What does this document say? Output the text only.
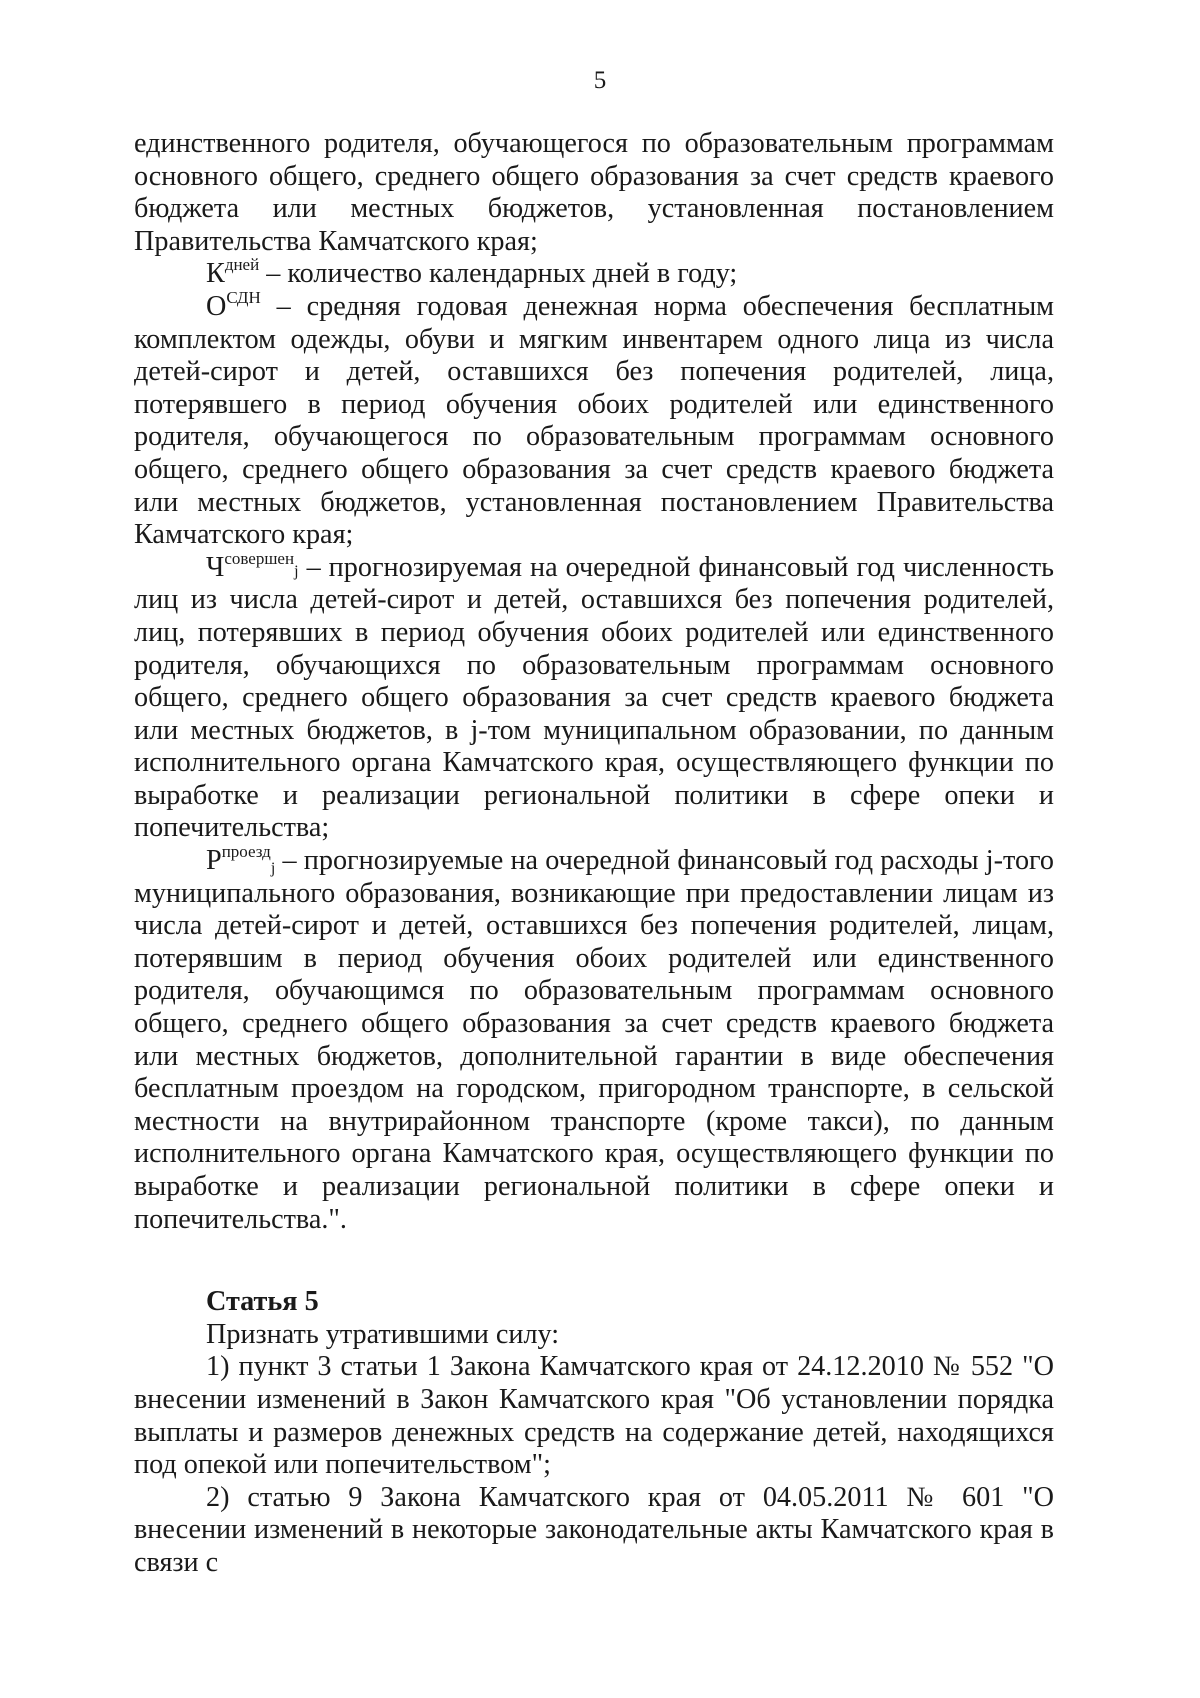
5

единственного родителя, обучающегося по образовательным программам основного общего, среднего общего образования за счет средств краевого бюджета или местных бюджетов, установленная постановлением Правительства Камчатского края;

$К^{дней}$ – количество календарных дней в году;

$О^{СДН}$ – средняя годовая денежная норма обеспечения бесплатным комплектом одежды, обуви и мягким инвентарем одного лица из числа детей-сирот и детей, оставшихся без попечения родителей, лица, потерявшего в период обучения обоих родителей или единственного родителя, обучающегося по образовательным программам основного общего, среднего общего образования за счет средств краевого бюджета или местных бюджетов, установленная постановлением Правительства Камчатского края;

$Ч^{совершен}j$ – прогнозируемая на очередной финансовый год численность лиц из числа детей-сирот и детей, оставшихся без попечения родителей, лиц, потерявших в период обучения обоих родителей или единственного родителя, обучающихся по образовательным программам основного общего, среднего общего образования за счет средств краевого бюджета или местных бюджетов, в j-том муниципальном образовании, по данным исполнительного органа Камчатского края, осуществляющего функции по выработке и реализации региональной политики в сфере опеки и попечительства;

$Р^{проезд}j$ – прогнозируемые на очередной финансовый год расходы j-того муниципального образования, возникающие при предоставлении лицам из числа детей-сирот и детей, оставшихся без попечения родителей, лицам, потерявшим в период обучения обоих родителей или единственного родителя, обучающимся по образовательным программам основного общего, среднего общего образования за счет средств краевого бюджета или местных бюджетов, дополнительной гарантии в виде обеспечения бесплатным проездом на городском, пригородном транспорте, в сельской местности на внутрирайонном транспорте (кроме такси), по данным исполнительного органа Камчатского края, осуществляющего функции по выработке и реализации региональной политики в сфере опеки и попечительства.".

Статья 5

Признать утратившими силу:

1) пункт 3 статьи 1 Закона Камчатского края от 24.12.2010 № 552 "О внесении изменений в Закон Камчатского края "Об установлении порядка выплаты и размеров денежных средств на содержание детей, находящихся под опекой или попечительством";

2) статью 9 Закона Камчатского края от 04.05.2011 № 601 "О внесении изменений в некоторые законодательные акты Камчатского края в связи с
